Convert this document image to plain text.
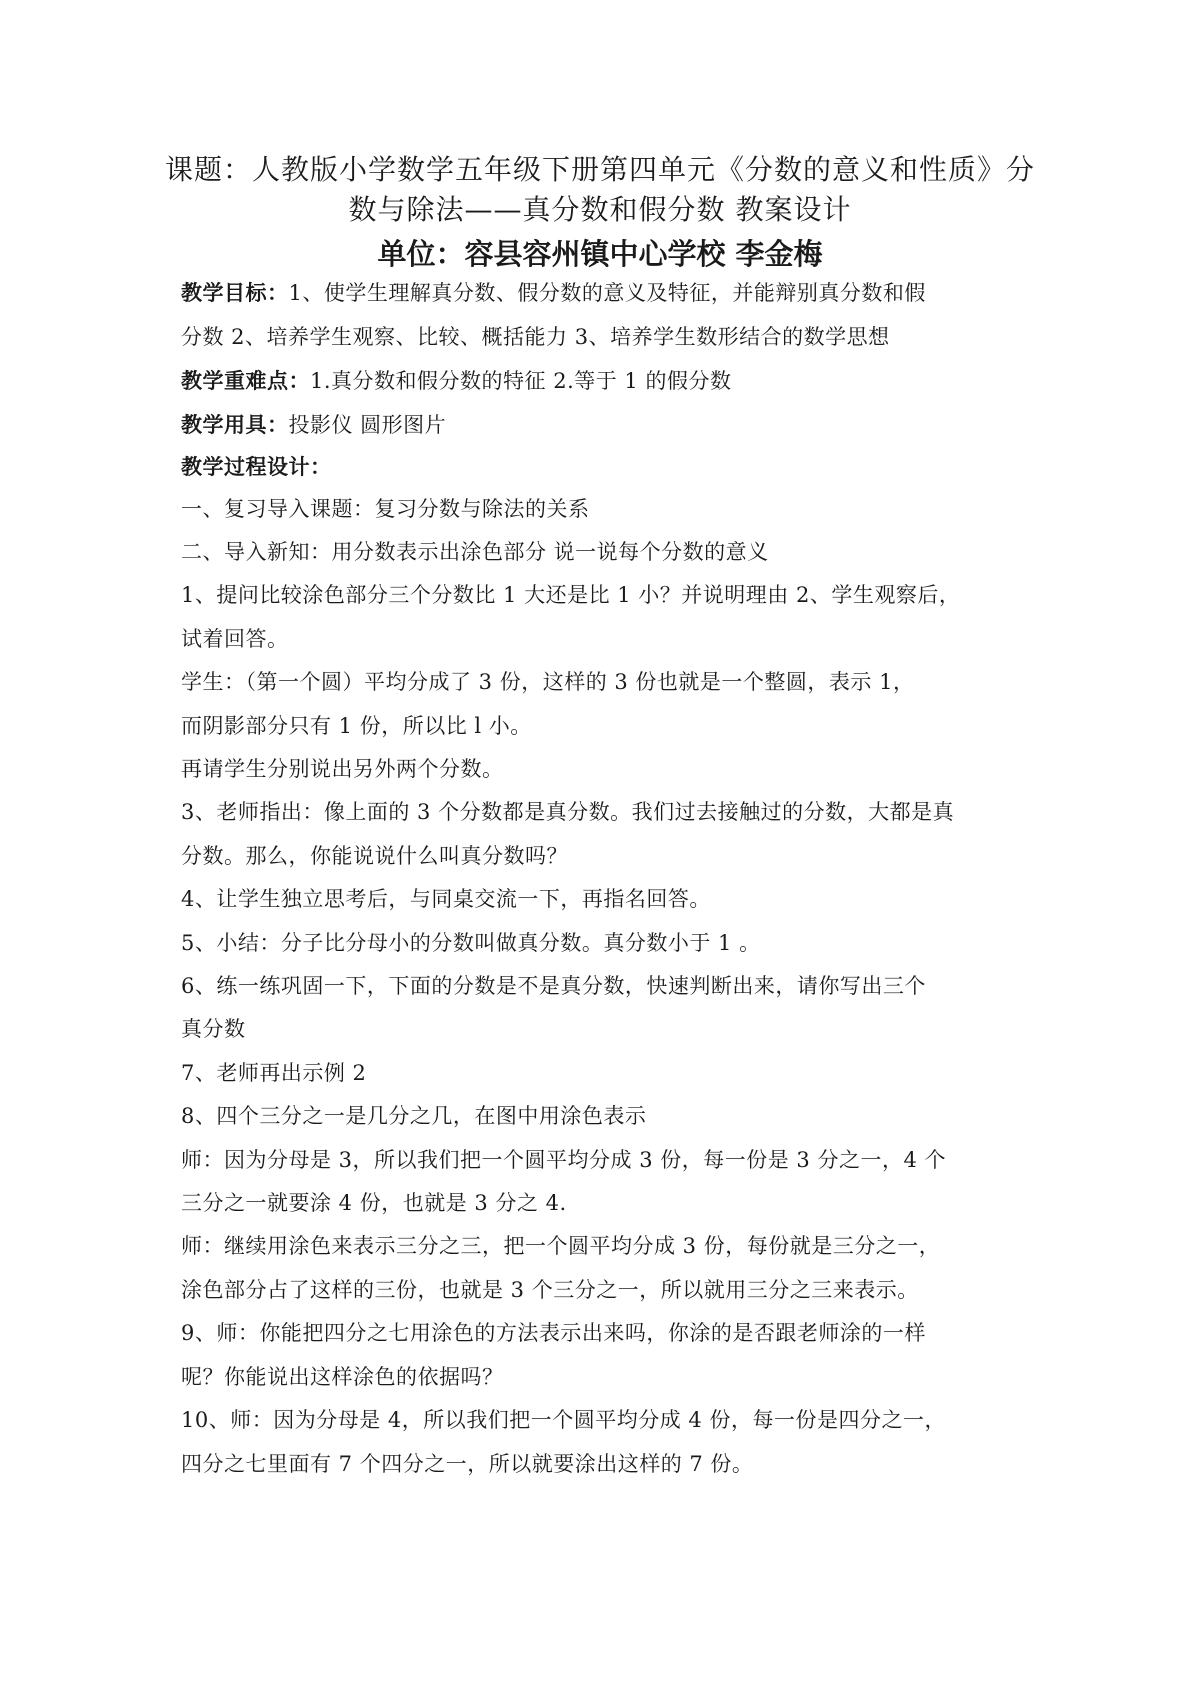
课题：人教版小学数学五年级下册第四单元《分数的意义和性质》分
数与除法——真分数和假分数 教案设计
单位：容县容州镇中心学校 李金梅
教学目标：1、使学生理解真分数、假分数的意义及特征，并能辩别真分数和假
分数 2、培养学生观察、比较、概括能力 3、培养学生数形结合的数学思想
教学重难点：1.真分数和假分数的特征 2.等于 1 的假分数
教学用具：投影仪 圆形图片
教学过程设计：
一、复习导入课题：复习分数与除法的关系
二、导入新知：用分数表示出涂色部分 说一说每个分数的意义
1、提问比较涂色部分三个分数比 1 大还是比 1 小？并说明理由 2、学生观察后，
试着回答。
学生：（第一个圆）平均分成了 3 份，这样的 3 份也就是一个整圆，表示 1，
而阴影部分只有 1 份，所以比 l 小。
再请学生分别说出另外两个分数。
3、老师指出：像上面的 3 个分数都是真分数。我们过去接触过的分数，大都是真
分数。那么，你能说说什么叫真分数吗？
4、让学生独立思考后，与同桌交流一下，再指名回答。
5、小结：分子比分母小的分数叫做真分数。真分数小于 1 。
6、练一练巩固一下，下面的分数是不是真分数，快速判断出来，请你写出三个
真分数
7、老师再出示例 2
8、四个三分之一是几分之几，在图中用涂色表示
师：因为分母是 3，所以我们把一个圆平均分成 3 份，每一份是 3 分之一，4 个
三分之一就要涂 4 份，也就是 3 分之 4.
师：继续用涂色来表示三分之三，把一个圆平均分成 3 份，每份就是三分之一，
涂色部分占了这样的三份，也就是 3 个三分之一，所以就用三分之三来表示。
9、师：你能把四分之七用涂色的方法表示出来吗，你涂的是否跟老师涂的一样
呢？你能说出这样涂色的依据吗？
10、师：因为分母是 4，所以我们把一个圆平均分成 4 份，每一份是四分之一，
四分之七里面有 7 个四分之一，所以就要涂出这样的 7 份。
